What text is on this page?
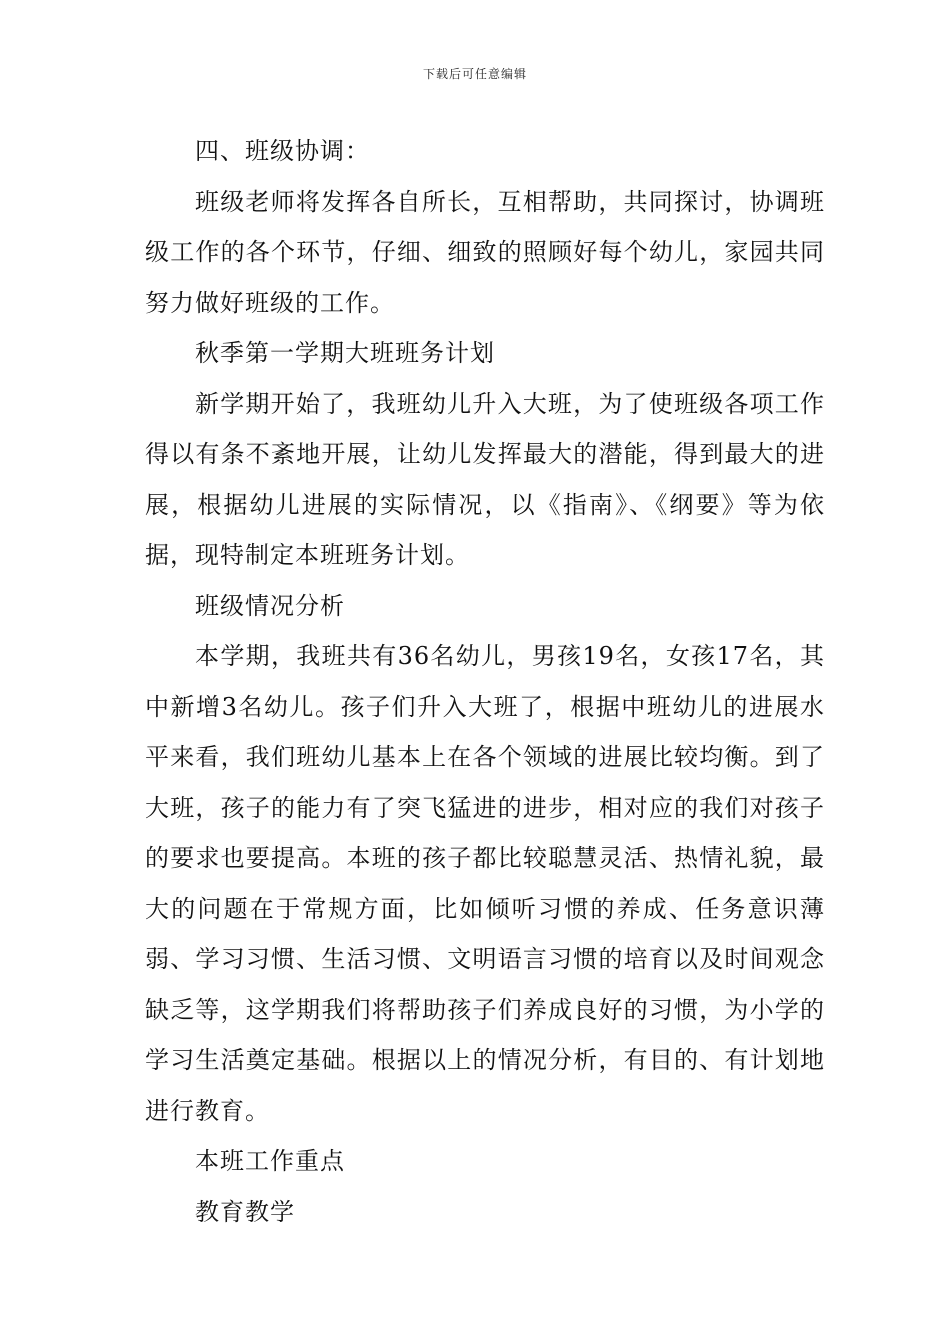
下载后可任意编辑

四、班级协调：

班级老师将发挥各自所长，互相帮助，共同探讨，协调班级工作的各个环节，仔细、细致的照顾好每个幼儿，家园共同努力做好班级的工作。

秋季第一学期大班班务计划

新学期开始了，我班幼儿升入大班，为了使班级各项工作得以有条不紊地开展，让幼儿发挥最大的潜能，得到最大的进展，根据幼儿进展的实际情况，以《指南》、《纲要》等为依据，现特制定本班班务计划。

班级情况分析

本学期，我班共有36名幼儿，男孩19名，女孩17名，其中新增3名幼儿。孩子们升入大班了，根据中班幼儿的进展水平来看，我们班幼儿基本上在各个领域的进展比较均衡。到了大班，孩子的能力有了突飞猛进的进步，相对应的我们对孩子的要求也要提高。本班的孩子都比较聪慧灵活、热情礼貌，最大的问题在于常规方面，比如倾听习惯的养成、任务意识薄弱、学习习惯、生活习惯、文明语言习惯的培育以及时间观念缺乏等，这学期我们将帮助孩子们养成良好的习惯，为小学的学习生活奠定基础。根据以上的情况分析，有目的、有计划地进行教育。

本班工作重点

教育教学
